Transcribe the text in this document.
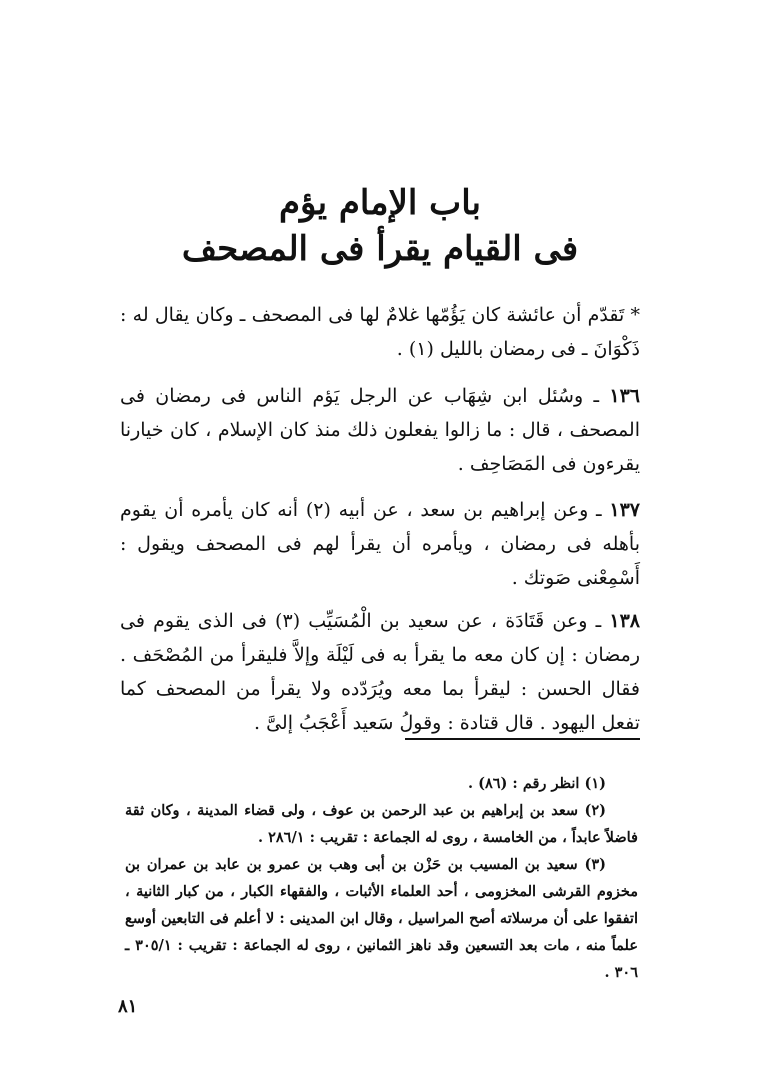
باب الإمام يؤم
فى القيام يقرأ فى المصحف
* تَقدّم أن عائشة كان يَؤُمّها غلامٌ لها فى المصحف ـ وكان يقال له : ذَكْوَانَ ـ فى رمضان بالليل (١) .
١٣٦ ـ وسُئل ابن شِهَاب عن الرجل يَؤم الناس فى رمضان فى المصحف ، قال : ما زالوا يفعلون ذلك منذ كان الإسلام ، كان خيارنا يقرءون فى المَصَاحِف .
١٣٧ ـ وعن إبراهيم بن سعد ، عن أبيه (٢) أنه كان يأمره أن يقوم بأهله فى رمضان ، ويأمره أن يقرأ لهم فى المصحف ويقول : أَسْمِعْنى صَوتك .
١٣٨ ـ وعن قَتَادَة ، عن سعيد بن الْمُسَيِّب (٣) فى الذى يقوم فى رمضان : إن كان معه ما يقرأ به فى لَيْلَة وإلاَّ فليقرأ من المُصْحَف . فقال الحسن : ليقرأ بما معه ويُرَدّده ولا يقرأ من المصحف كما تفعل اليهود . قال قتادة : وقولُ سَعيد أَعْجَبُ إلىَّ .

(١) انظر رقم : (٨٦) .

(٢) سعد بن إبراهيم بن عبد الرحمن بن عوف ، ولى قضاء المدينة ، وكان ثقة فاضلاً عابداً ، من الخامسة ، روى له الجماعة : تقريب : ٢٨٦/١ .

(٣) سعيد بن المسيب بن حَزْن بن أبى وهب بن عمرو بن عابد بن عمران بن مخزوم القرشى المخزومى ، أحد العلماء الأثبات ، والفقهاء الكبار ، من كبار الثانية ، اتفقوا على أن مرسلاته أصح المراسيل ، وقال ابن المدينى : لا أعلم فى التابعين أوسع علماً منه ، مات بعد التسعين وقد ناهز الثمانين ، روى له الجماعة : تقريب : ٣٠٥/١ ـ ٣٠٦ .

٨١
